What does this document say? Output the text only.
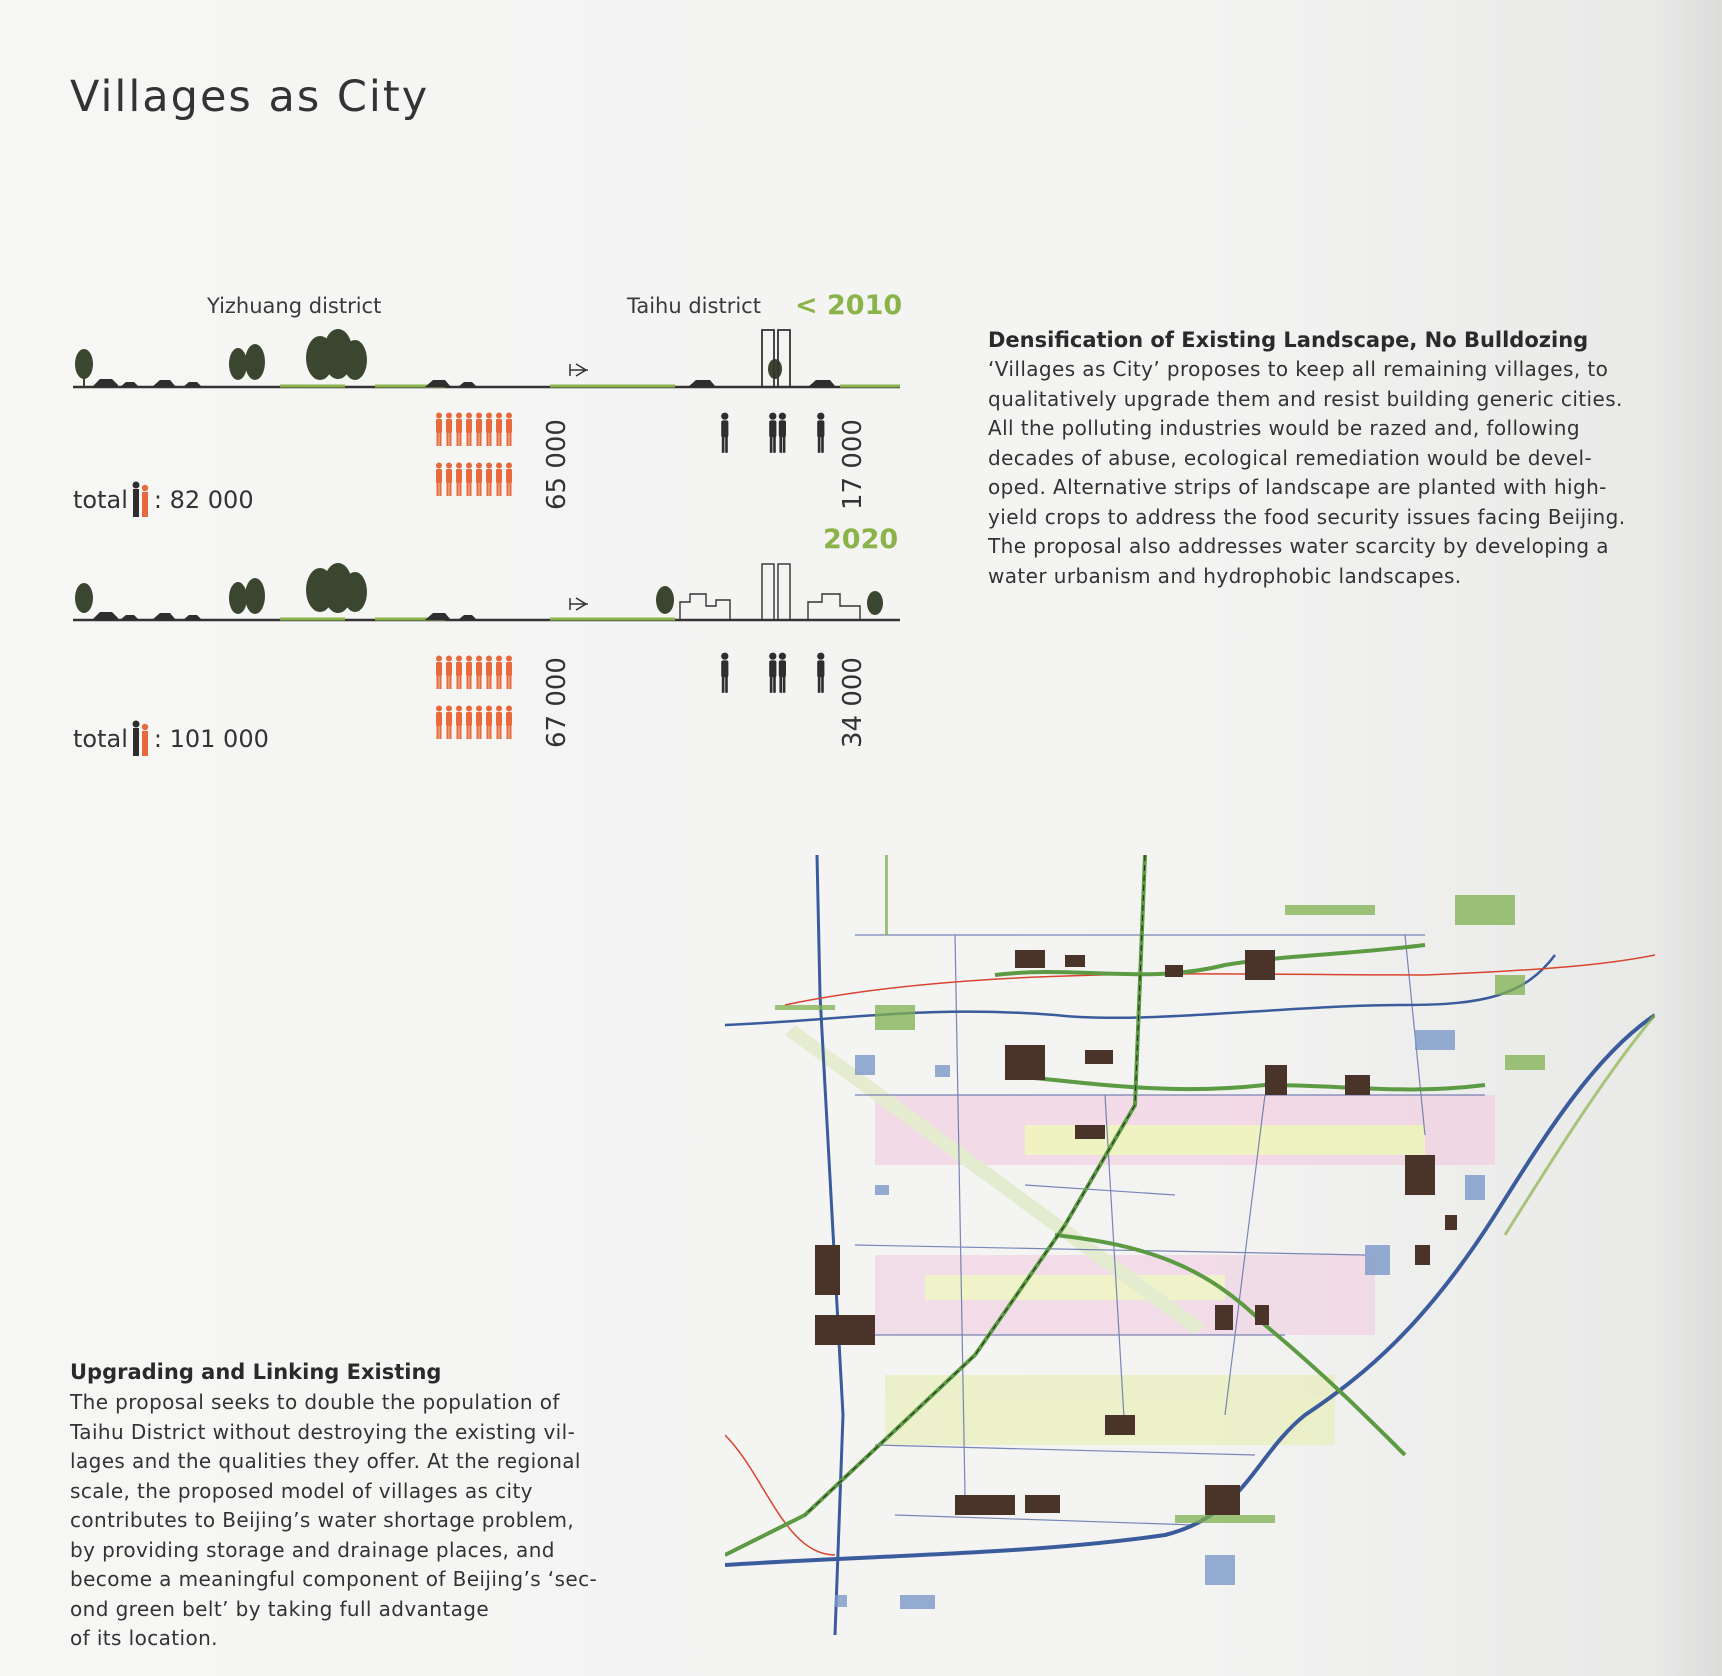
Villages as City
Yizhuang district	Taihu district < 2010
2020
65 000	17 000
67 000	34 000
total : 82 000
total : 101 000
Densification of Existing Landscape, No Bulldozing
‘Villages as City’ proposes to keep all remaining villages, to
qualitatively upgrade them and resist building generic cities.
All the polluting industries would be razed and, following
decades of abuse, ecological remediation would be devel-
oped. Alternative strips of landscape are planted with high-
yield crops to address the food security issues facing Beijing.
The proposal also addresses water scarcity by developing a
water urbanism and hydrophobic landscapes.
Upgrading and Linking Existing
The proposal seeks to double the population of
Taihu District without destroying the existing vil-
lages and the qualities they offer. At the regional
scale, the proposed model of villages as city
contributes to Beijing’s water shortage problem,
by providing storage and drainage places, and
become a meaningful component of Beijing’s ‘sec-
ond green belt’ by taking full advantage
of its location.
